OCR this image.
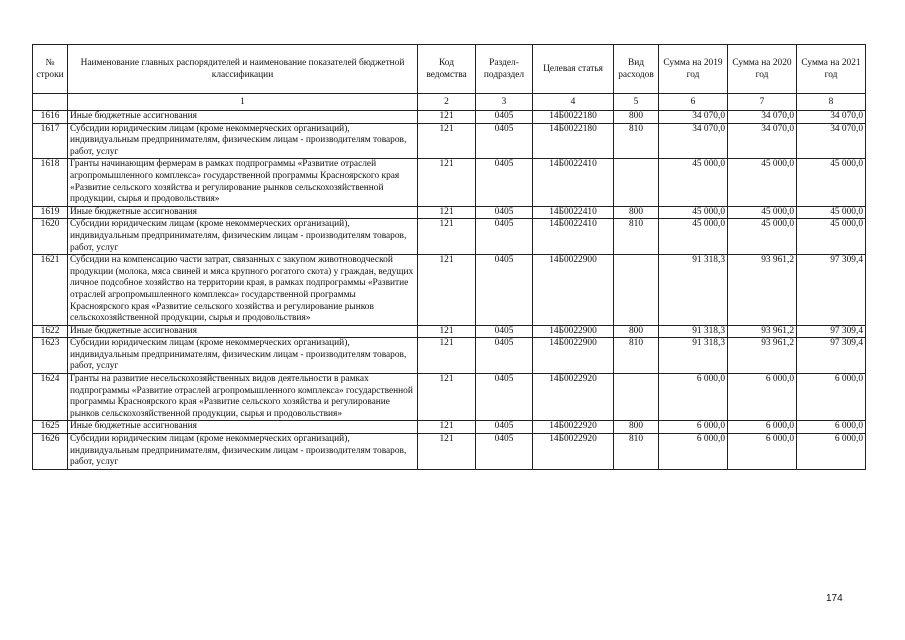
№ строки	Наименование главных распорядителей и наименование показателей бюджетной классификации	Код ведомства	Раздел-подраздел	Целевая статья	Вид расходов	Сумма на 2019 год	Сумма на 2020 год	Сумма на 2021 год
	1	2	3	4	5	6	7	8
1616	Иные бюджетные ассигнования	121	0405	14Б0022180	800	34 070,0	34 070,0	34 070,0
1617	Субсидии юридическим лицам (кроме некоммерческих организаций), индивидуальным предпринимателям, физическим лицам - производителям товаров, работ, услуг	121	0405	14Б0022180	810	34 070,0	34 070,0	34 070,0
1618	Гранты начинающим фермерам в рамках подпрограммы «Развитие отраслей агропромышленного комплекса» государственной программы Красноярского края «Развитие сельского хозяйства и регулирование рынков сельскохозяйственной продукции, сырья и продовольствия»	121	0405	14Б0022410		45 000,0	45 000,0	45 000,0
1619	Иные бюджетные ассигнования	121	0405	14Б0022410	800	45 000,0	45 000,0	45 000,0
1620	Субсидии юридическим лицам (кроме некоммерческих организаций), индивидуальным предпринимателям, физическим лицам - производителям товаров, работ, услуг	121	0405	14Б0022410	810	45 000,0	45 000,0	45 000,0
1621	Субсидии на компенсацию части затрат, связанных с закупом животноводческой продукции (молока, мяса свиней и мяса крупного рогатого скота) у граждан, ведущих личное подсобное хозяйство на территории края, в рамках подпрограммы «Развитие отраслей агропромышленного комплекса» государственной программы Красноярского края «Развитие сельского хозяйства и регулирование рынков сельскохозяйственной продукции, сырья и продовольствия»	121	0405	14Б0022900		91 318,3	93 961,2	97 309,4
1622	Иные бюджетные ассигнования	121	0405	14Б0022900	800	91 318,3	93 961,2	97 309,4
1623	Субсидии юридическим лицам (кроме некоммерческих организаций), индивидуальным предпринимателям, физическим лицам - производителям товаров, работ, услуг	121	0405	14Б0022900	810	91 318,3	93 961,2	97 309,4
1624	Гранты на развитие несельскохозяйственных видов деятельности в рамках подпрограммы «Развитие отраслей агропромышленного комплекса» государственной программы Красноярского края «Развитие сельского хозяйства и регулирование рынков сельскохозяйственной продукции, сырья и продовольствия»	121	0405	14Б0022920		6 000,0	6 000,0	6 000,0
1625	Иные бюджетные ассигнования	121	0405	14Б0022920	800	6 000,0	6 000,0	6 000,0
1626	Субсидии юридическим лицам (кроме некоммерческих организаций), индивидуальным предпринимателям, физическим лицам - производителям товаров, работ, услуг	121	0405	14Б0022920	810	6 000,0	6 000,0	6 000,0
174
